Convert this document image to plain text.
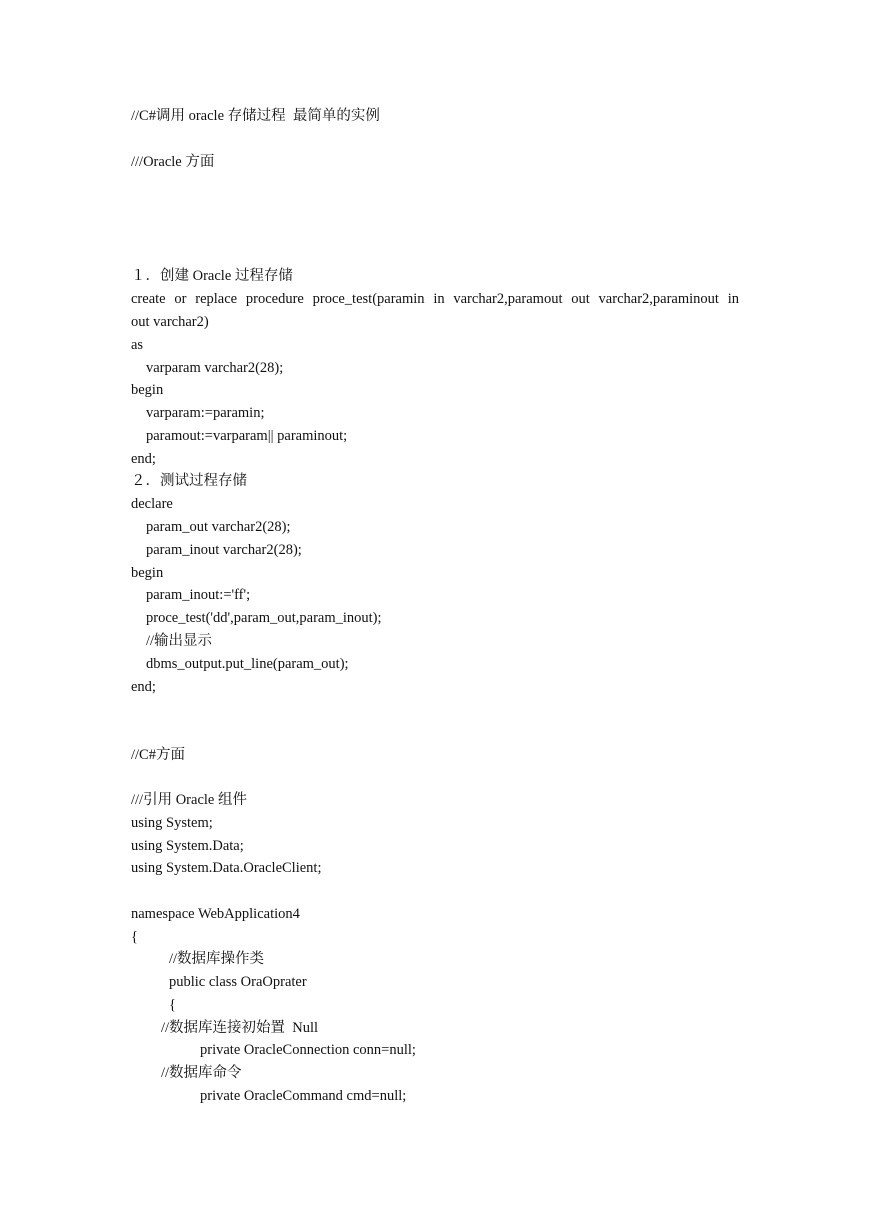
//C#调用 oracle 存储过程  最简单的实例
///Oracle 方面
１．创建 Oracle 过程存储
create or replace procedure proce_test(paramin in varchar2,paramout out varchar2,paraminout in
out varchar2)
as
varparam varchar2(28);
begin
varparam:=paramin;
paramout:=varparam|| paraminout;
end;
２．测试过程存储
declare
param_out varchar2(28);
param_inout varchar2(28);
begin
param_inout:='ff';
proce_test('dd',param_out,param_inout);
//输出显示
dbms_output.put_line(param_out);
end;
//C#方面
///引用 Oracle 组件
using System;
using System.Data;
using System.Data.OracleClient;
namespace WebApplication4
{
//数据库操作类
public class OraOprater
{
//数据库连接初始置  Null
private OracleConnection conn=null;
//数据库命令
private OracleCommand cmd=null;
